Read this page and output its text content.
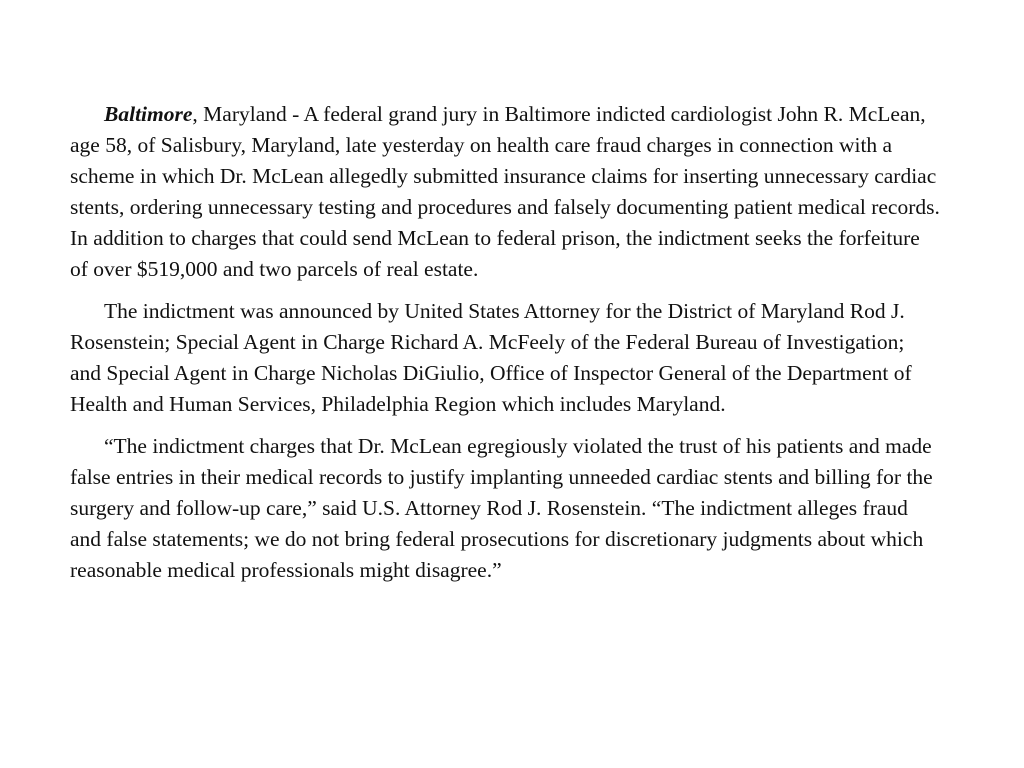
Baltimore, Maryland - A federal grand jury in Baltimore indicted cardiologist John R. McLean, age 58, of Salisbury, Maryland, late yesterday on health care fraud charges in connection with a scheme in which Dr. McLean allegedly submitted insurance claims for inserting unnecessary cardiac stents, ordering unnecessary testing and procedures and falsely documenting patient medical records. In addition to charges that could send McLean to federal prison, the indictment seeks the forfeiture of over $519,000 and two parcels of real estate.

The indictment was announced by United States Attorney for the District of Maryland Rod J. Rosenstein; Special Agent in Charge Richard A. McFeely of the Federal Bureau of Investigation; and Special Agent in Charge Nicholas DiGiulio, Office of Inspector General of the Department of Health and Human Services, Philadelphia Region which includes Maryland.

“The indictment charges that Dr. McLean egregiously violated the trust of his patients and made false entries in their medical records to justify implanting unneeded cardiac stents and billing for the surgery and follow-up care,” said U.S. Attorney Rod J. Rosenstein. “The indictment alleges fraud and false statements; we do not bring federal prosecutions for discretionary judgments about which reasonable medical professionals might disagree.”
